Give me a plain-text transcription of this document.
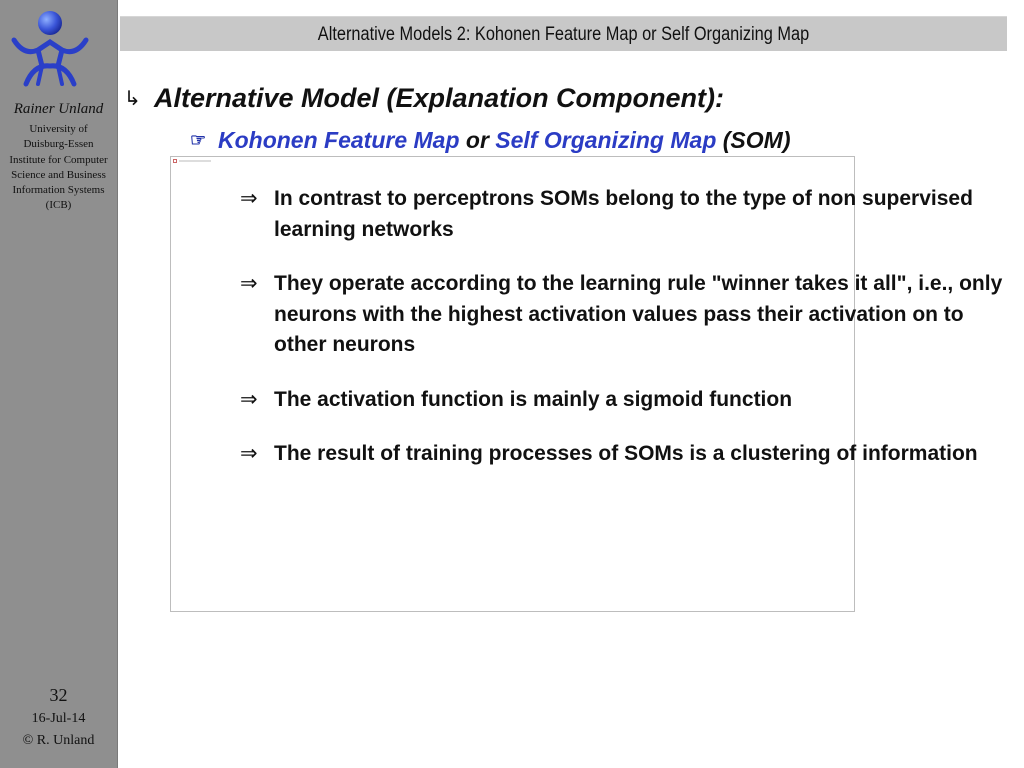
Rainer Unland
University of
Duisburg-Essen
Institute for Computer
Science and Business
Information Systems
(ICB)
32
16-Jul-14
© R. Unland
Alternative Models 2: Kohonen Feature Map or Self Organizing Map
↳ Alternative Model (Explanation Component):
☞ Kohonen Feature Map or Self Organizing Map (SOM)
⇒ In contrast to perceptrons SOMs belong to the type of non supervised learning networks
⇒ They operate according to the learning rule "winner takes it all", i.e., only neurons with the highest activation values pass their activation on to other neurons
⇒ The activation function is mainly a sigmoid function
⇒ The result of training processes of SOMs is a clustering of information
